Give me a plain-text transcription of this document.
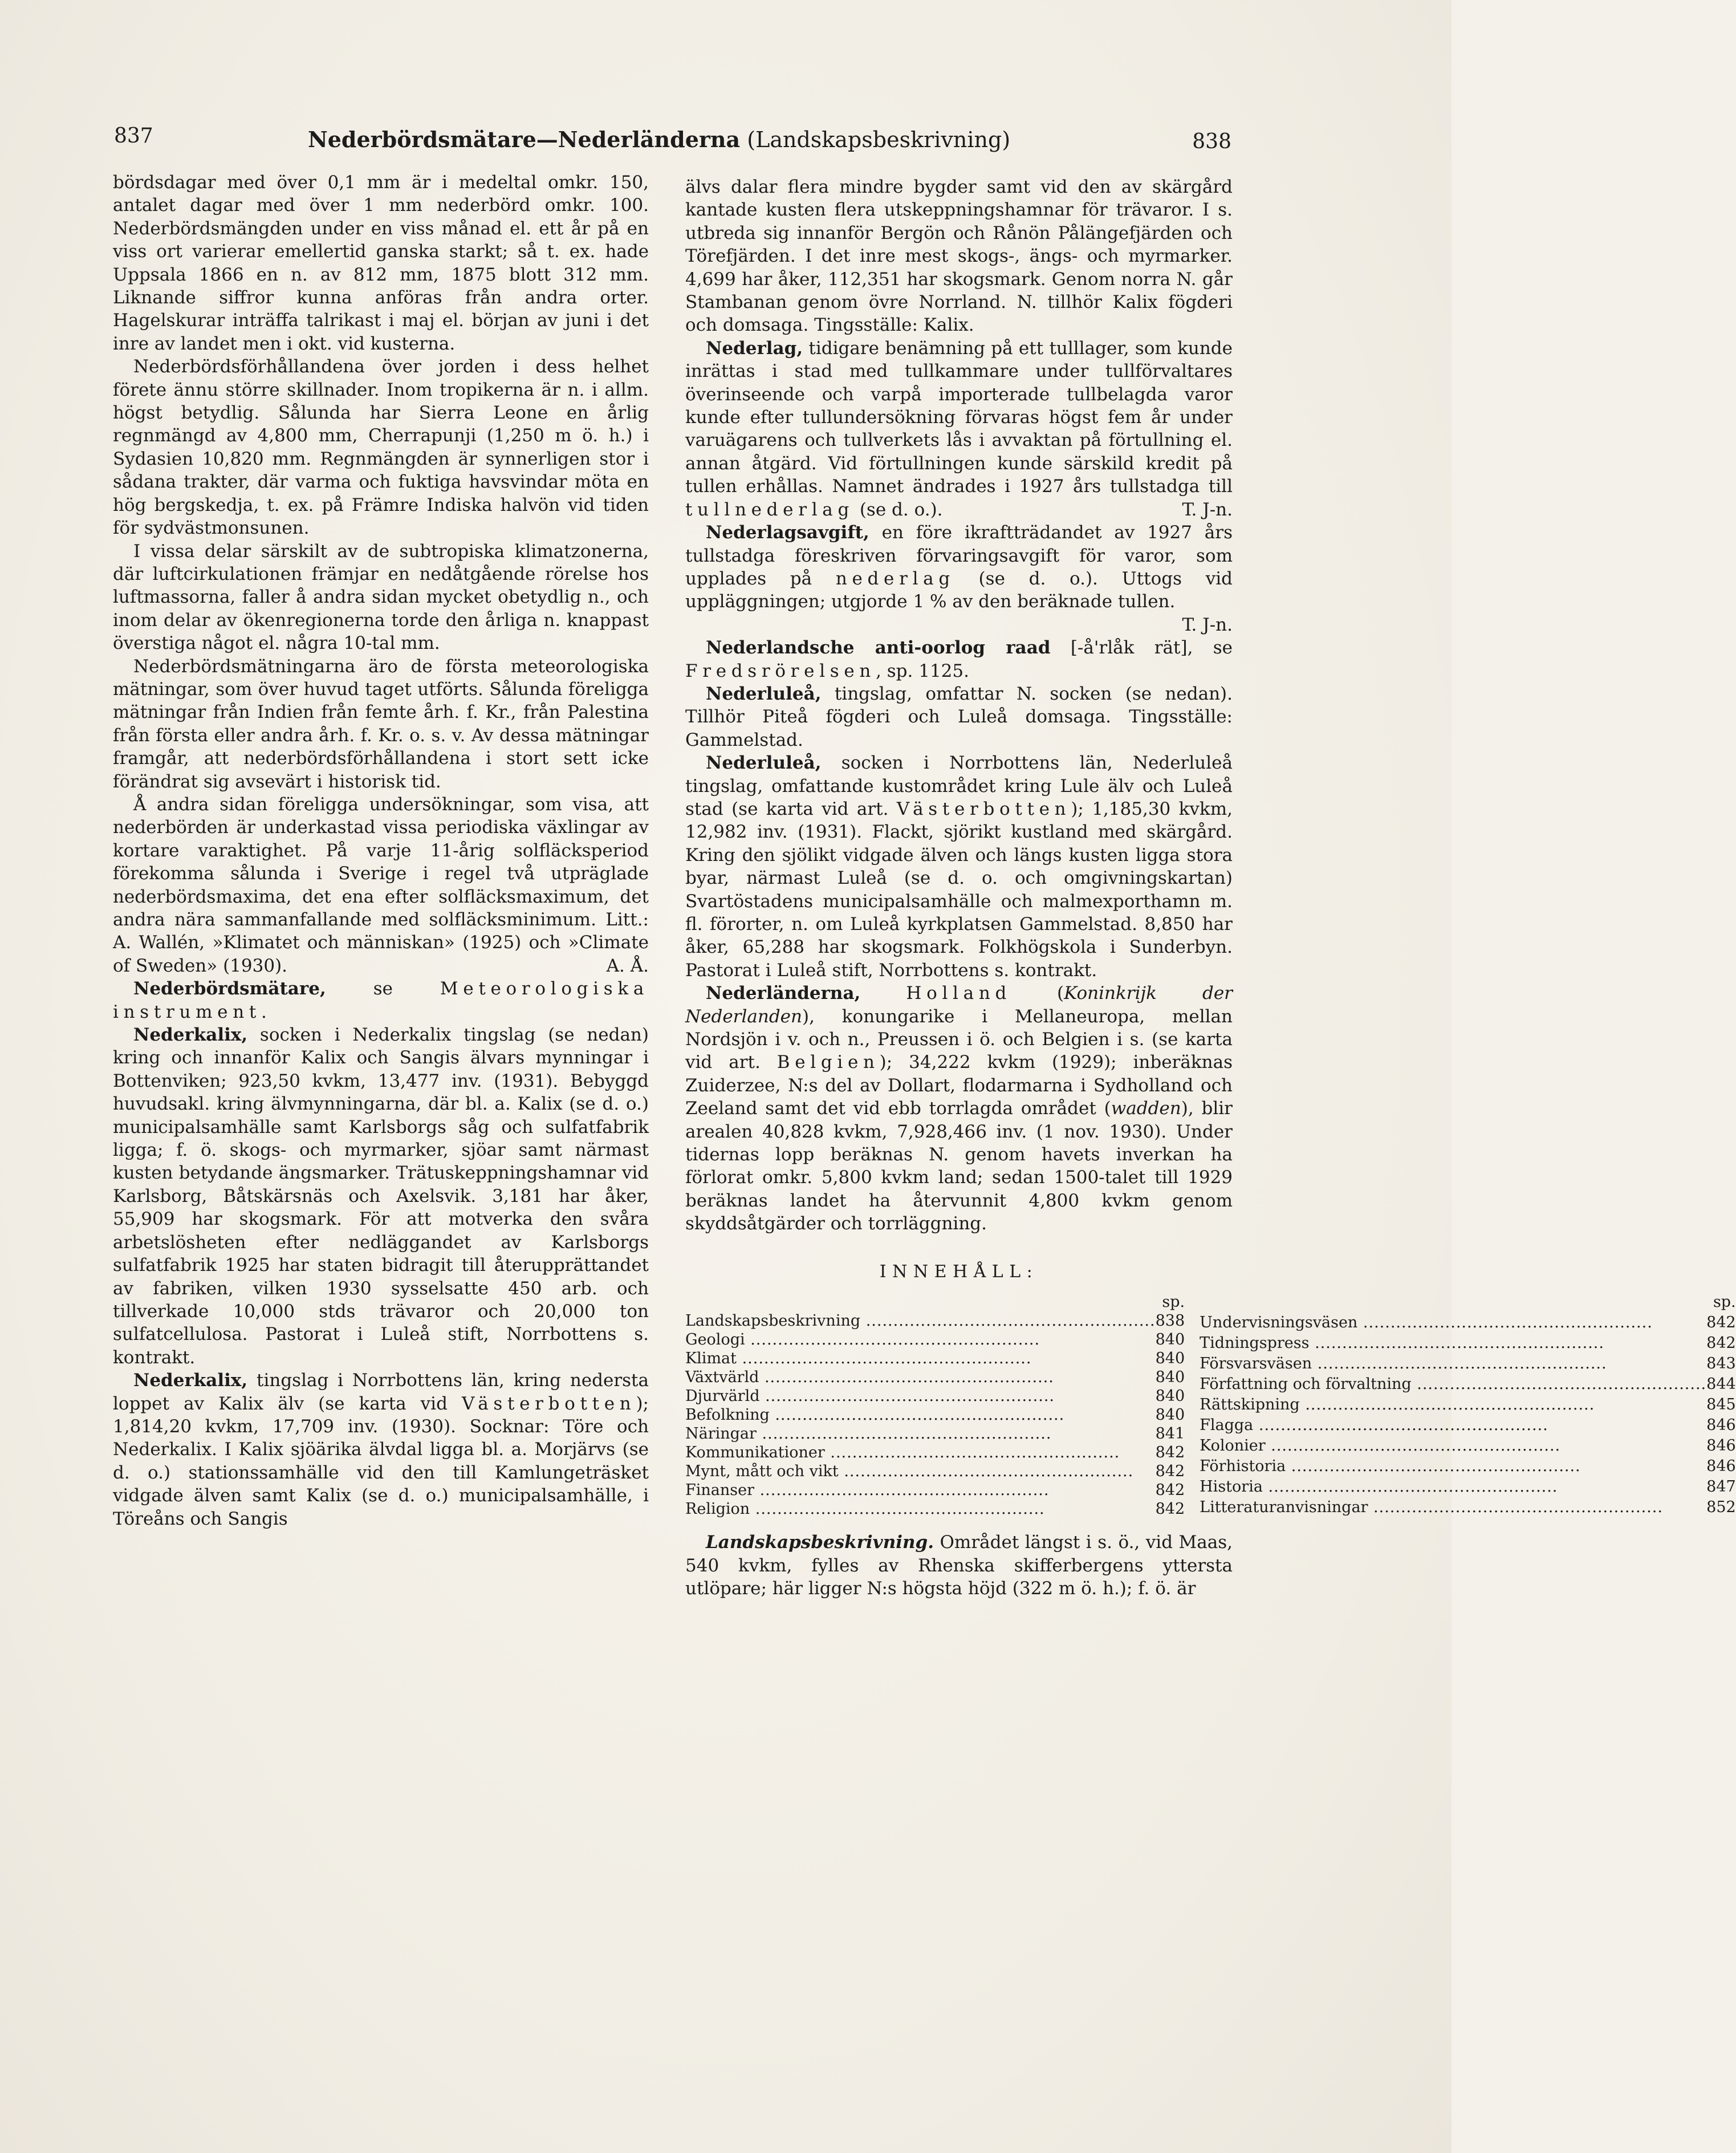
837	Nederbördsmätare—Nederländerna (Landskapsbeskrivning)	838

bördsdagar med över 0,1 mm är i medeltal omkr. 150, antalet dagar med över 1 mm nederbörd omkr. 100. Nederbördsmängden under en viss månad el. ett år på en viss ort varierar emellertid ganska starkt; så t. ex. hade Uppsala 1866 en n. av 812 mm, 1875 blott 312 mm. Liknande siffror kunna anföras från andra orter. Hagelskurar inträffa talrikast i maj el. början av juni i det inre av landet men i okt. vid kusterna.

Nederbördsförhållandena över jorden i dess helhet förete ännu större skillnader. Inom tropikerna är n. i allm. högst betydlig. Sålunda har Sierra Leone en årlig regnmängd av 4,800 mm, Cherrapunji (1,250 m ö. h.) i Sydasien 10,820 mm. Regnmängden är synnerligen stor i sådana trakter, där varma och fuktiga havsvindar möta en hög bergskedja, t. ex. på Främre Indiska halvön vid tiden för sydvästmonsunen.

I vissa delar särskilt av de subtropiska klimatzonerna, där luftcirkulationen främjar en nedåtgående rörelse hos luftmassorna, faller å andra sidan mycket obetydlig n., och inom delar av ökenregionerna torde den årliga n. knappast överstiga något el. några 10-tal mm.

Nederbördsmätningarna äro de första meteorologiska mätningar, som över huvud taget utförts. Sålunda föreligga mätningar från Indien från femte årh. f. Kr., från Palestina från första eller andra årh. f. Kr. o. s. v. Av dessa mätningar framgår, att nederbördsförhållandena i stort sett icke förändrat sig avsevärt i historisk tid.

Å andra sidan föreligga undersökningar, som visa, att nederbörden är underkastad vissa periodiska växlingar av kortare varaktighet. På varje 11-årig solfläcksperiod förekomma sålunda i Sverige i regel två utpräglade nederbördsmaxima, det ena efter solfläcksmaximum, det andra nära sammanfallande med solfläcksminimum. Litt.: A. Wallén, »Klimatet och människan» (1925) och »Climate of Sweden» (1930).	A. Å.

Nederbördsmätare, se Meteorologiska instrument.

Nederkalix, socken i Nederkalix tingslag (se nedan) kring och innanför Kalix och Sangis älvars mynningar i Bottenviken; 923,50 kvkm, 13,477 inv. (1931). Bebyggd huvudsakl. kring älvmynningarna, där bl. a. Kalix (se d. o.) municipalsamhälle samt Karlsborgs såg och sulfatfabrik ligga; f. ö. skogs- och myrmarker, sjöar samt närmast kusten betydande ängsmarker. Trätuskeppningshamnar vid Karlsborg, Båtskärsnäs och Axelsvik. 3,181 har åker, 55,909 har skogsmark. För att motverka den svåra arbetslösheten efter nedläggandet av Karlsborgs sulfatfabrik 1925 har staten bidragit till återupprättandet av fabriken, vilken 1930 sysselsatte 450 arb. och tillverkade 10,000 stds trävaror och 20,000 ton sulfatcellulosa. Pastorat i Luleå stift, Norrbottens s. kontrakt.

Nederkalix, tingslag i Norrbottens län, kring nedersta loppet av Kalix älv (se karta vid Västerbotten); 1,814,20 kvkm, 17,709 inv. (1930). Socknar: Töre och Nederkalix. I Kalix sjöärika älvdal ligga bl. a. Morjärvs (se d. o.) stationssamhälle vid den till Kamlungeträsket vidgade älven samt Kalix (se d. o.) municipalsamhälle, i Töreåns och Sangis

älvs dalar flera mindre bygder samt vid den av skärgård kantade kusten flera utskeppningshamnar för trävaror. I s. utbreda sig innanför Bergön och Rånön Pålängefjärden och Törefjärden. I det inre mest skogs-, ängs- och myrmarker. 4,699 har åker, 112,351 har skogsmark. Genom norra N. går Stambanan genom övre Norrland. N. tillhör Kalix fögderi och domsaga. Tingsställe: Kalix.

Nederlag, tidigare benämning på ett tulllager, som kunde inrättas i stad med tullkammare under tullförvaltares överinseende och varpå importerade tullbelagda varor kunde efter tullundersökning förvaras högst fem år under varuägarens och tullverkets lås i avvaktan på förtullning el. annan åtgärd. Vid förtullningen kunde särskild kredit på tullen erhållas. Namnet ändrades i 1927 års tullstadga till tullnederlag (se d. o.).	T. J-n.

Nederlagsavgift, en före ikraftträdandet av 1927 års tullstadga föreskriven förvaringsavgift för varor, som upplades på nederlag (se d. o.). Uttogs vid uppläggningen; utgjorde 1 % av den beräknade tullen.
T. J-n.

Nederlandsche anti-oorlog raad [-å'rlåk rät], se Fredsrörelsen, sp. 1125.

Nederluleå, tingslag, omfattar N. socken (se nedan). Tillhör Piteå fögderi och Luleå domsaga. Tingsställe: Gammelstad.

Nederluleå, socken i Norrbottens län, Nederluleå tingslag, omfattande kustområdet kring Lule älv och Luleå stad (se karta vid art. Västerbotten); 1,185,30 kvkm, 12,982 inv. (1931). Flackt, sjörikt kustland med skärgård. Kring den sjölikt vidgade älven och längs kusten ligga stora byar, närmast Luleå (se d. o. och omgivningskartan) Svartöstadens municipalsamhälle och malmexporthamn m. fl. förorter, n. om Luleå kyrkplatsen Gammelstad. 8,850 har åker, 65,288 har skogsmark. Folkhögskola i Sunderbyn. Pastorat i Luleå stift, Norrbottens s. kontrakt.

Nederländerna,	Holland (Koninkrijk der Nederlanden), konungarike i Mellaneuropa, mellan Nordsjön i v. och n., Preussen i ö. och Belgien i s. (se karta vid art. Belgien); 34,222 kvkm (1929); inberäknas Zuiderzee, N:s del av Dollart, flodarmarna i Sydholland och Zeeland samt det vid ebb torrlagda området (wadden), blir arealen 40,828 kvkm, 7,928,466 inv. (1 nov. 1930). Under tidernas lopp beräknas N. genom havets inverkan ha förlorat omkr. 5,800 kvkm land; sedan 1500-talet till 1929 beräknas landet ha återvunnit 4,800 kvkm genom skyddsåtgärder och torrläggning.

INNEHÅLL:
	sp.
Landskapsbeskrivning .....	838
Geologi .....	840
Klimat .....	840
Växtvärld .....	840
Djurvärld .....	840
Befolkning .....	840
Näringar .....	841
Kommunikationer .....	842
Mynt, mått och vikt .....	842
Finanser .....	842
Religion .....	842
	sp.
Undervisningsväsen .....	842
Tidningspress .....	842
Försvarsväsen .....	843
Författning och förvaltning .....	844
Rättskipning .....	845
Flagga .....	846
Kolonier .....	846
Förhistoria .....	846
Historia .....	847
Litteraturanvisningar .....	852

Landskapsbeskrivning. Området längst i s. ö., vid Maas, 540 kvkm, fylles av Rhenska skifferbergens yttersta utlöpare; här ligger N:s högsta höjd (322 m ö. h.); f. ö. är
